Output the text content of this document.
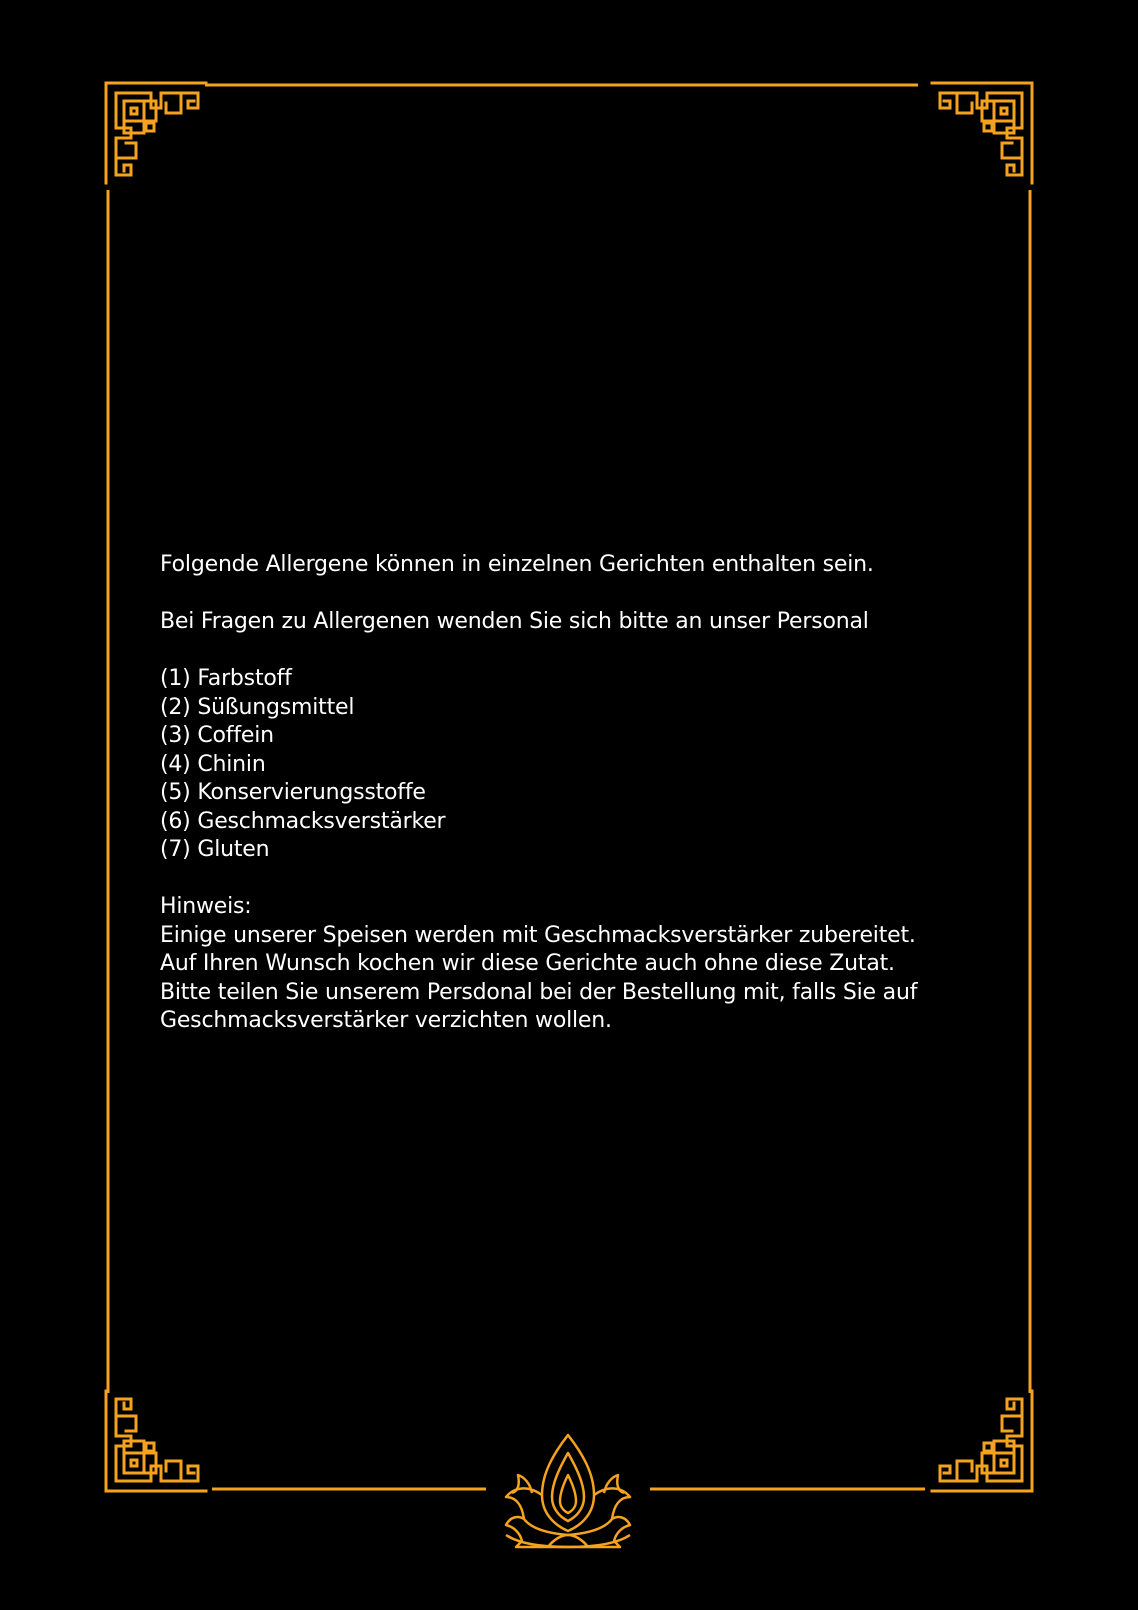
Folgende Allergene können in einzelnen Gerichten enthalten sein.

Bei Fragen zu Allergenen wenden Sie sich bitte an unser Personal

(1) Farbstoff

(2) Süßungsmittel

(3) Coffein

(4) Chinin

(5) Konservierungsstoffe

(6) Geschmacksverstärker

(7) Gluten

Hinweis:

Einige unserer Speisen werden mit Geschmacksverstärker zubereitet.

Auf Ihren Wunsch kochen wir diese Gerichte auch ohne diese Zutat.

Bitte teilen Sie unserem Persdonal bei der Bestellung mit, falls Sie auf

Geschmacksverstärker verzichten wollen.
